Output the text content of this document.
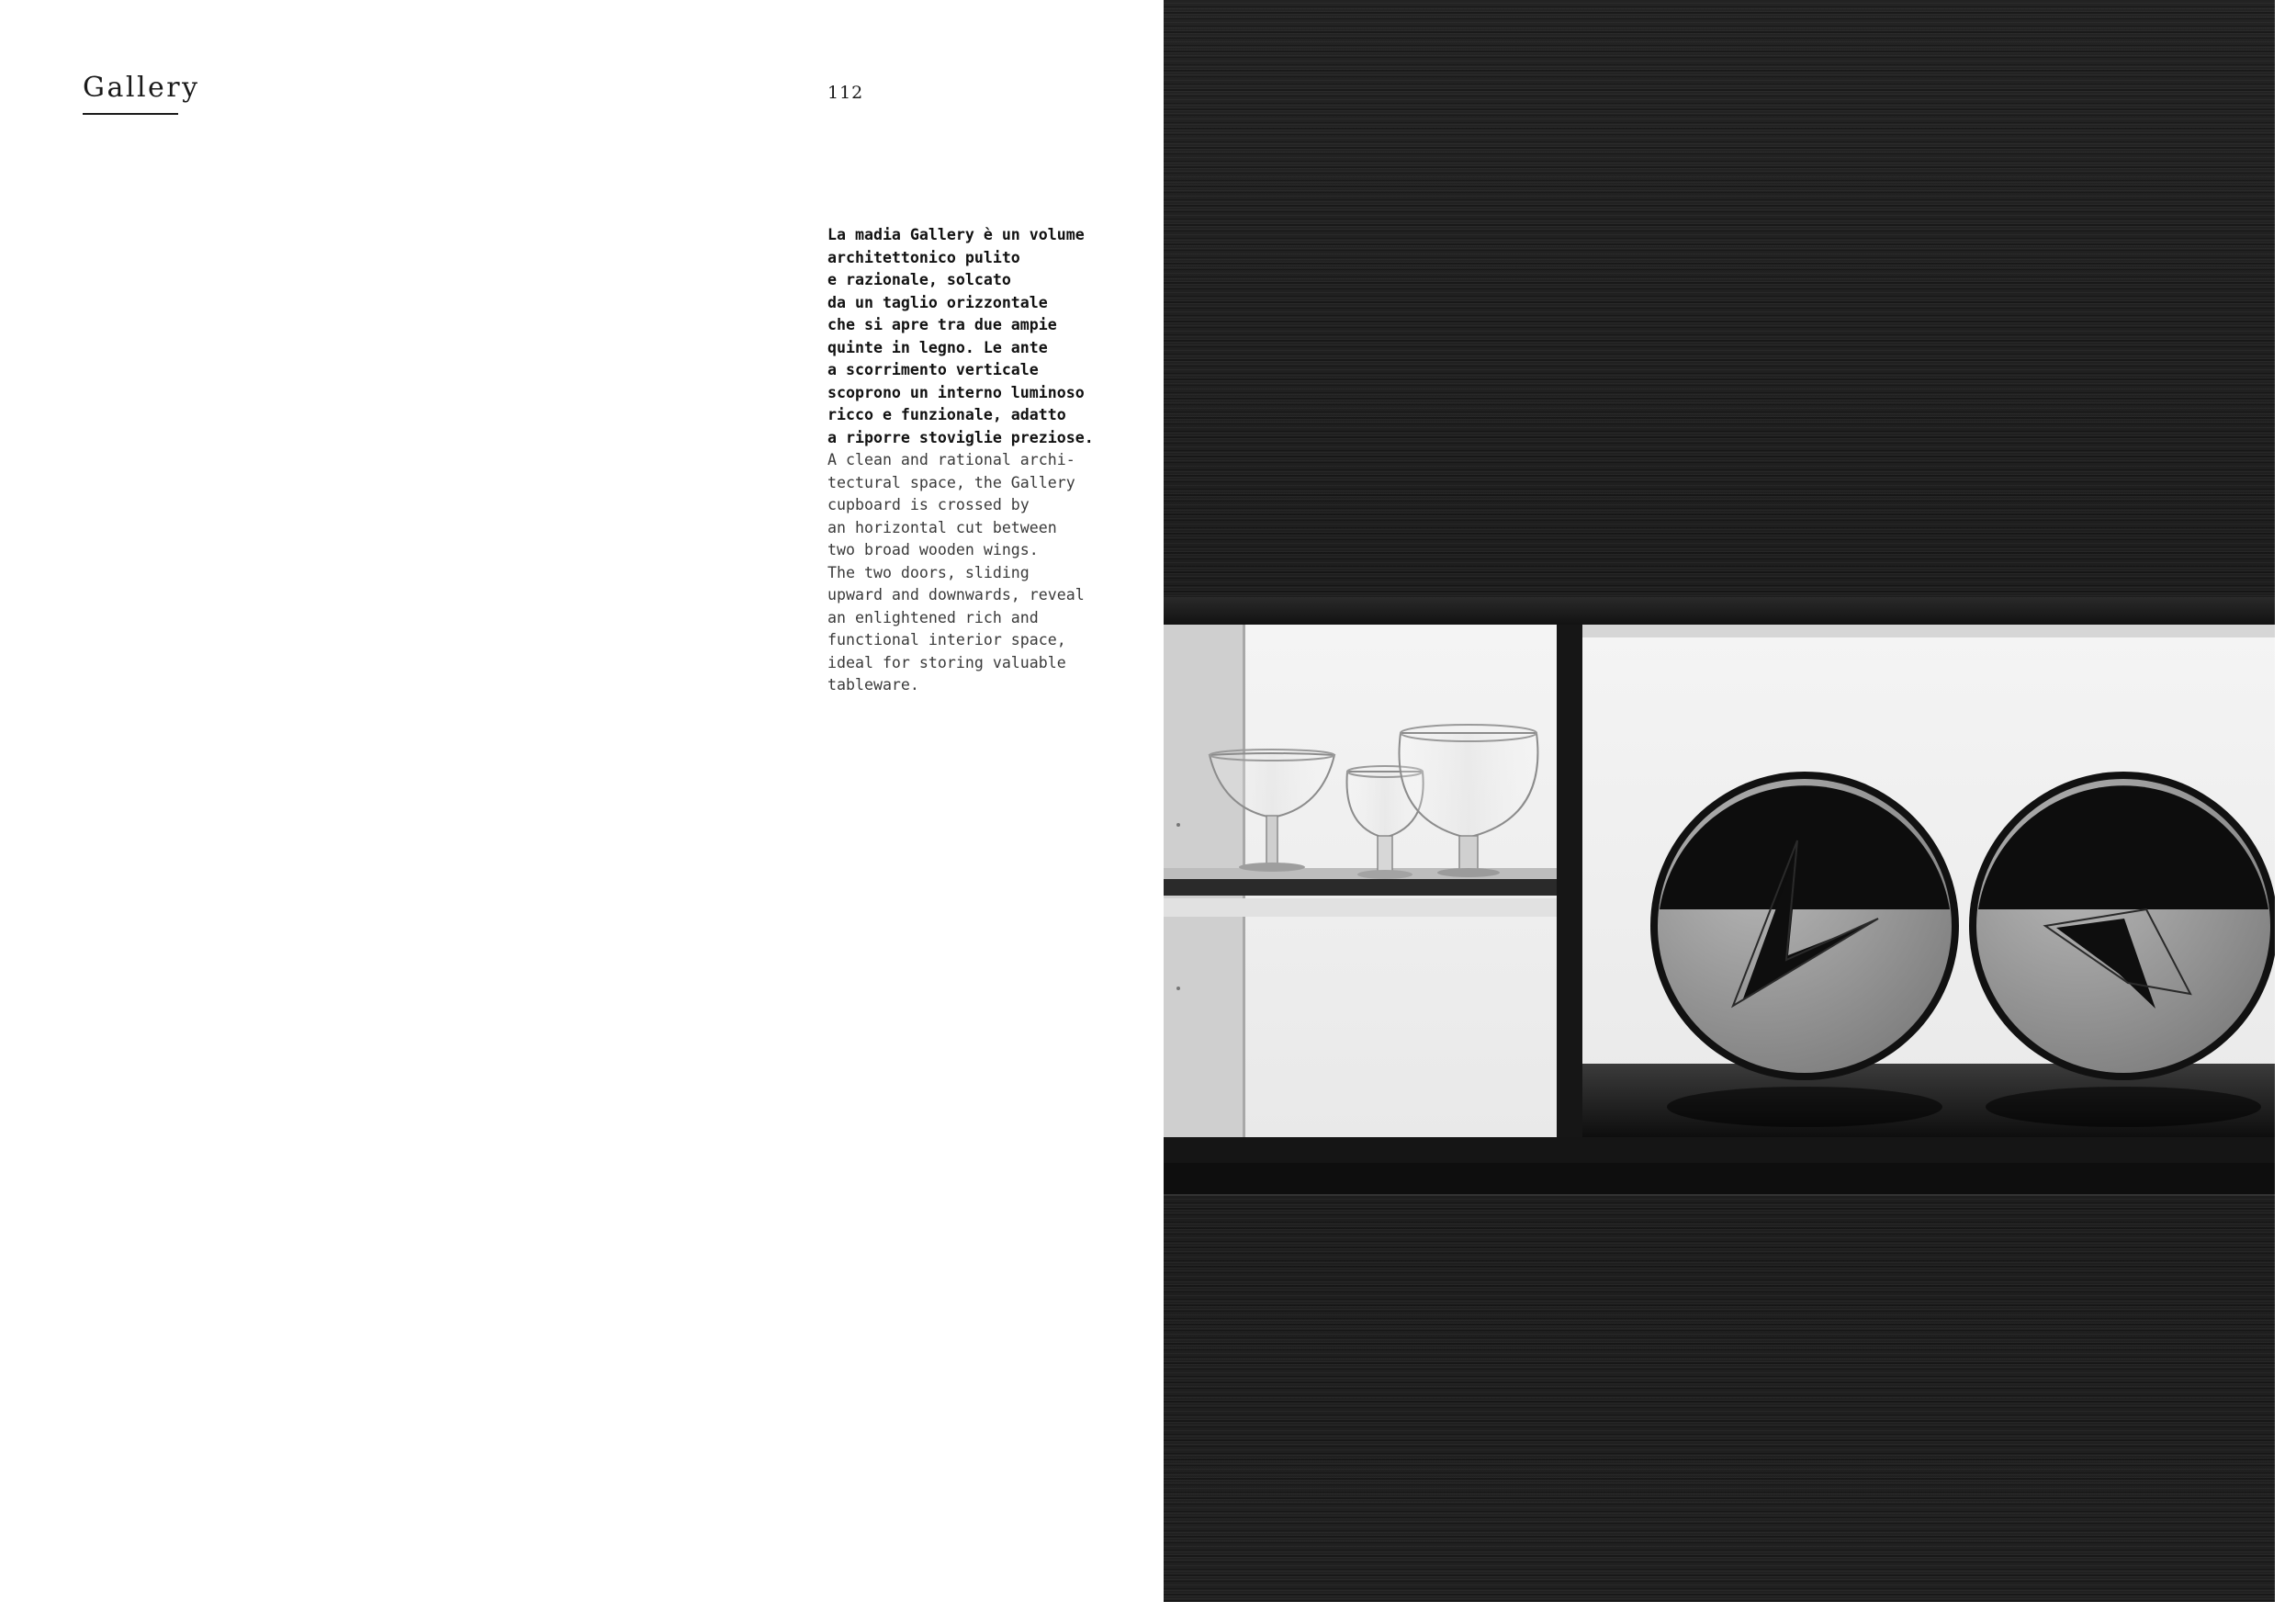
Gallery	112
La madia Gallery è un volume
architettonico pulito
e razionale, solcato
da un taglio orizzontale
che si apre tra due ampie
quinte in legno. Le ante
a scorrimento verticale
scoprono un interno luminoso
ricco e funzionale, adatto
a riporre stoviglie preziose.
A clean and rational archi-
tectural space, the Gallery
cupboard is crossed by
an horizontal cut between
two broad wooden wings.
The two doors, sliding
upward and downwards, reveal
an enlightened rich and
functional interior space,
ideal for storing valuable
tableware.
